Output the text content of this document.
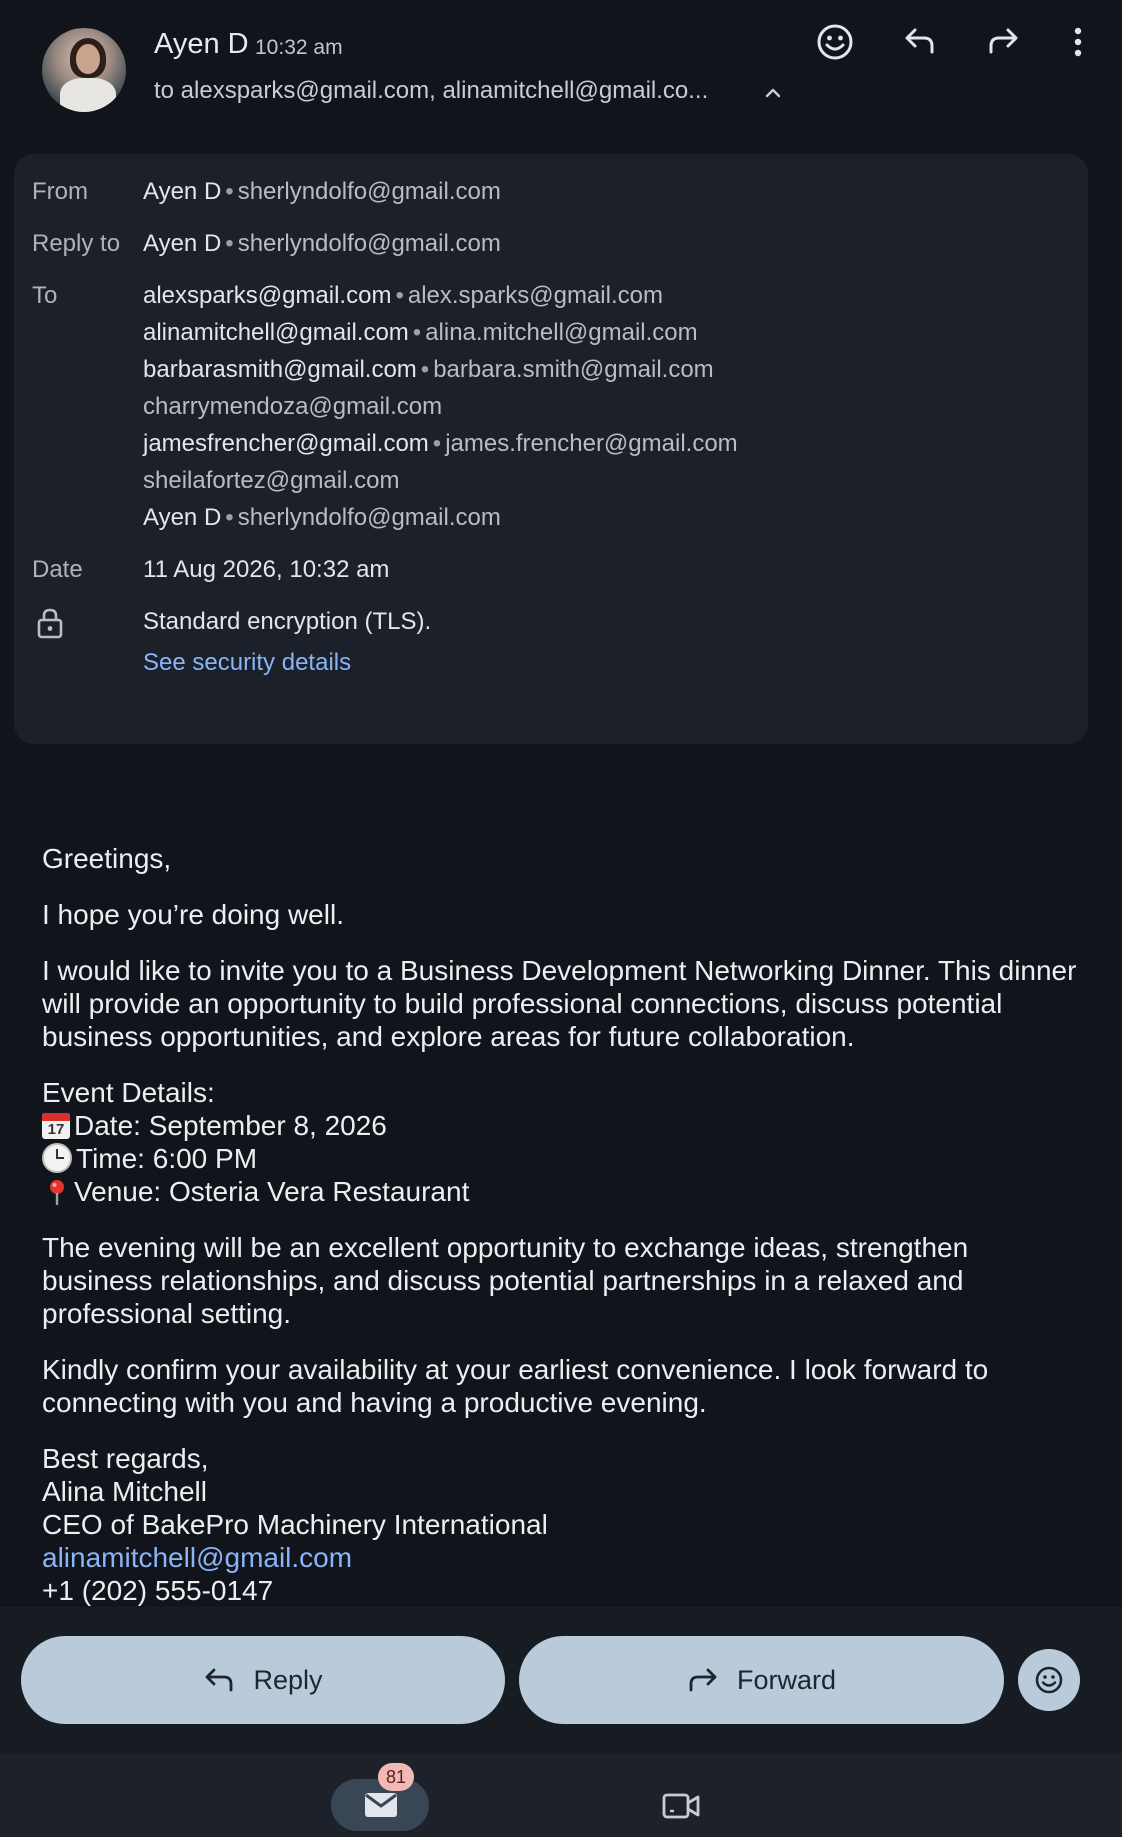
Ayen D 10:32 am
to alexsparks@gmail.com, alinamitchell@gmail.co...
From Ayen D • sherlyndolfo@gmail.com
Reply to Ayen D • sherlyndolfo@gmail.com
To	alexsparks@gmail.com • alex.sparks@gmail.com
alinamitchell@gmail.com • alina.mitchell@gmail.com
barbarasmith@gmail.com • barbara.smith@gmail.com
charrymendoza@gmail.com
jamesfrencher@gmail.com • james.frencher@gmail.com
sheilafortez@gmail.com
Ayen D • sherlyndolfo@gmail.com
Date	11 Aug 2026, 10:32 am
Standard encryption (TLS).
See security details

Greetings,

I hope you’re doing well.

I would like to invite you to a Business Development Networking Dinner. This dinner will provide an opportunity to build professional connections, discuss potential business opportunities, and explore areas for future collaboration.

Event Details:

17 Date: September 8, 2026
Time: 6:00 PM
Venue: Osteria Vera Restaurant

The evening will be an excellent opportunity to exchange ideas, strengthen business relationships, and discuss potential partnerships in a relaxed and professional setting.

Kindly confirm your availability at your earliest convenience. I look forward to connecting with you and having a productive evening.

Best regards,
Alina Mitchell
CEO of BakePro Machinery International
alinamitchell@gmail.com
+1 (202) 555-0147

Reply	Forward
81
